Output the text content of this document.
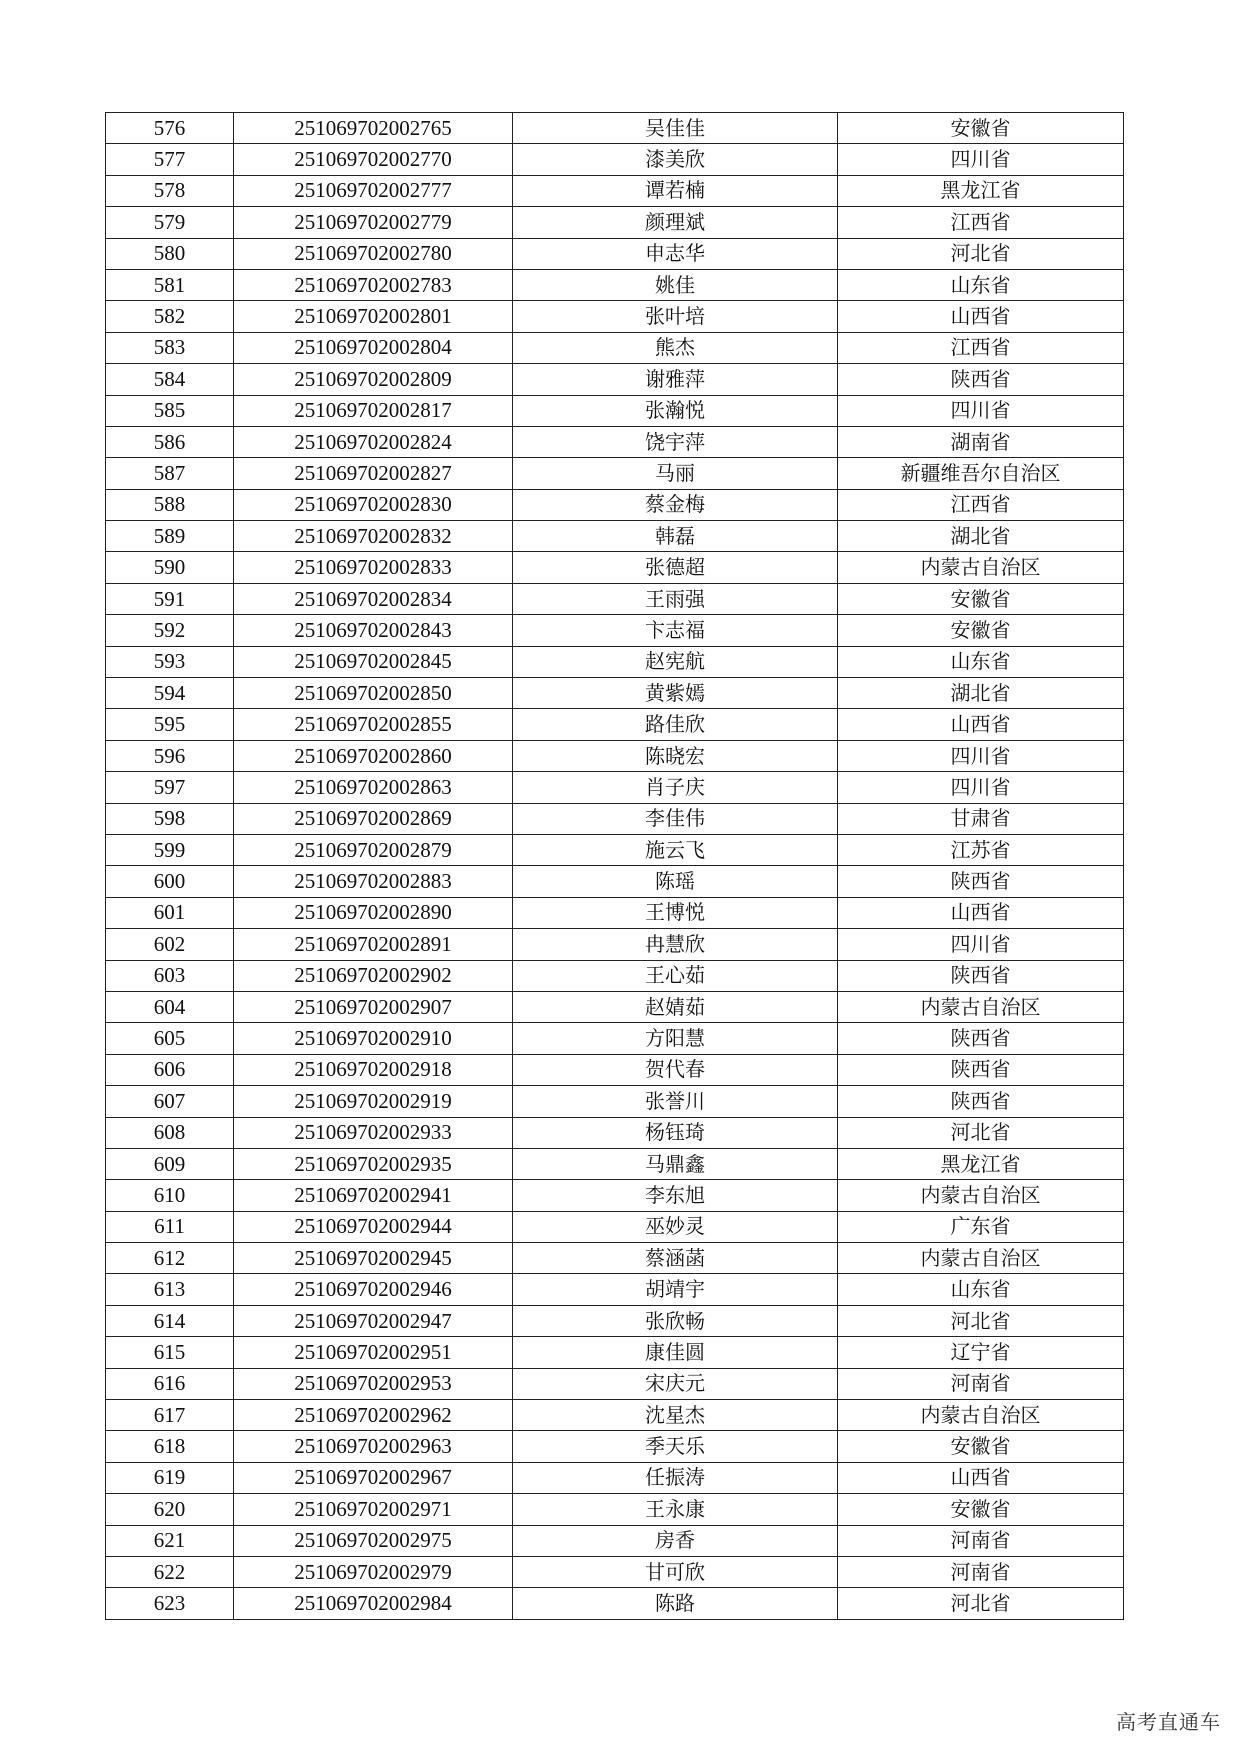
576	251069702002765	吴佳佳	安徽省
577	251069702002770	漆美欣	四川省
578	251069702002777	谭若楠	黑龙江省
579	251069702002779	颜理斌	江西省
580	251069702002780	申志华	河北省
581	251069702002783	姚佳	山东省
582	251069702002801	张叶培	山西省
583	251069702002804	熊杰	江西省
584	251069702002809	谢雅萍	陕西省
585	251069702002817	张瀚悦	四川省
586	251069702002824	饶宇萍	湖南省
587	251069702002827	马丽	新疆维吾尔自治区
588	251069702002830	蔡金梅	江西省
589	251069702002832	韩磊	湖北省
590	251069702002833	张德超	内蒙古自治区
591	251069702002834	王雨强	安徽省
592	251069702002843	卞志福	安徽省
593	251069702002845	赵宪航	山东省
594	251069702002850	黄紫嫣	湖北省
595	251069702002855	路佳欣	山西省
596	251069702002860	陈晓宏	四川省
597	251069702002863	肖子庆	四川省
598	251069702002869	李佳伟	甘肃省
599	251069702002879	施云飞	江苏省
600	251069702002883	陈瑶	陕西省
601	251069702002890	王博悦	山西省
602	251069702002891	冉慧欣	四川省
603	251069702002902	王心茹	陕西省
604	251069702002907	赵婧茹	内蒙古自治区
605	251069702002910	方阳慧	陕西省
606	251069702002918	贺代春	陕西省
607	251069702002919	张誉川	陕西省
608	251069702002933	杨钰琦	河北省
609	251069702002935	马鼎鑫	黑龙江省
610	251069702002941	李东旭	内蒙古自治区
611	251069702002944	巫妙灵	广东省
612	251069702002945	蔡涵菡	内蒙古自治区
613	251069702002946	胡靖宇	山东省
614	251069702002947	张欣畅	河北省
615	251069702002951	康佳圆	辽宁省
616	251069702002953	宋庆元	河南省
617	251069702002962	沈星杰	内蒙古自治区
618	251069702002963	季天乐	安徽省
619	251069702002967	任振涛	山西省
620	251069702002971	王永康	安徽省
621	251069702002975	房香	河南省
622	251069702002979	甘可欣	河南省
623	251069702002984	陈路	河北省
高考直通车
